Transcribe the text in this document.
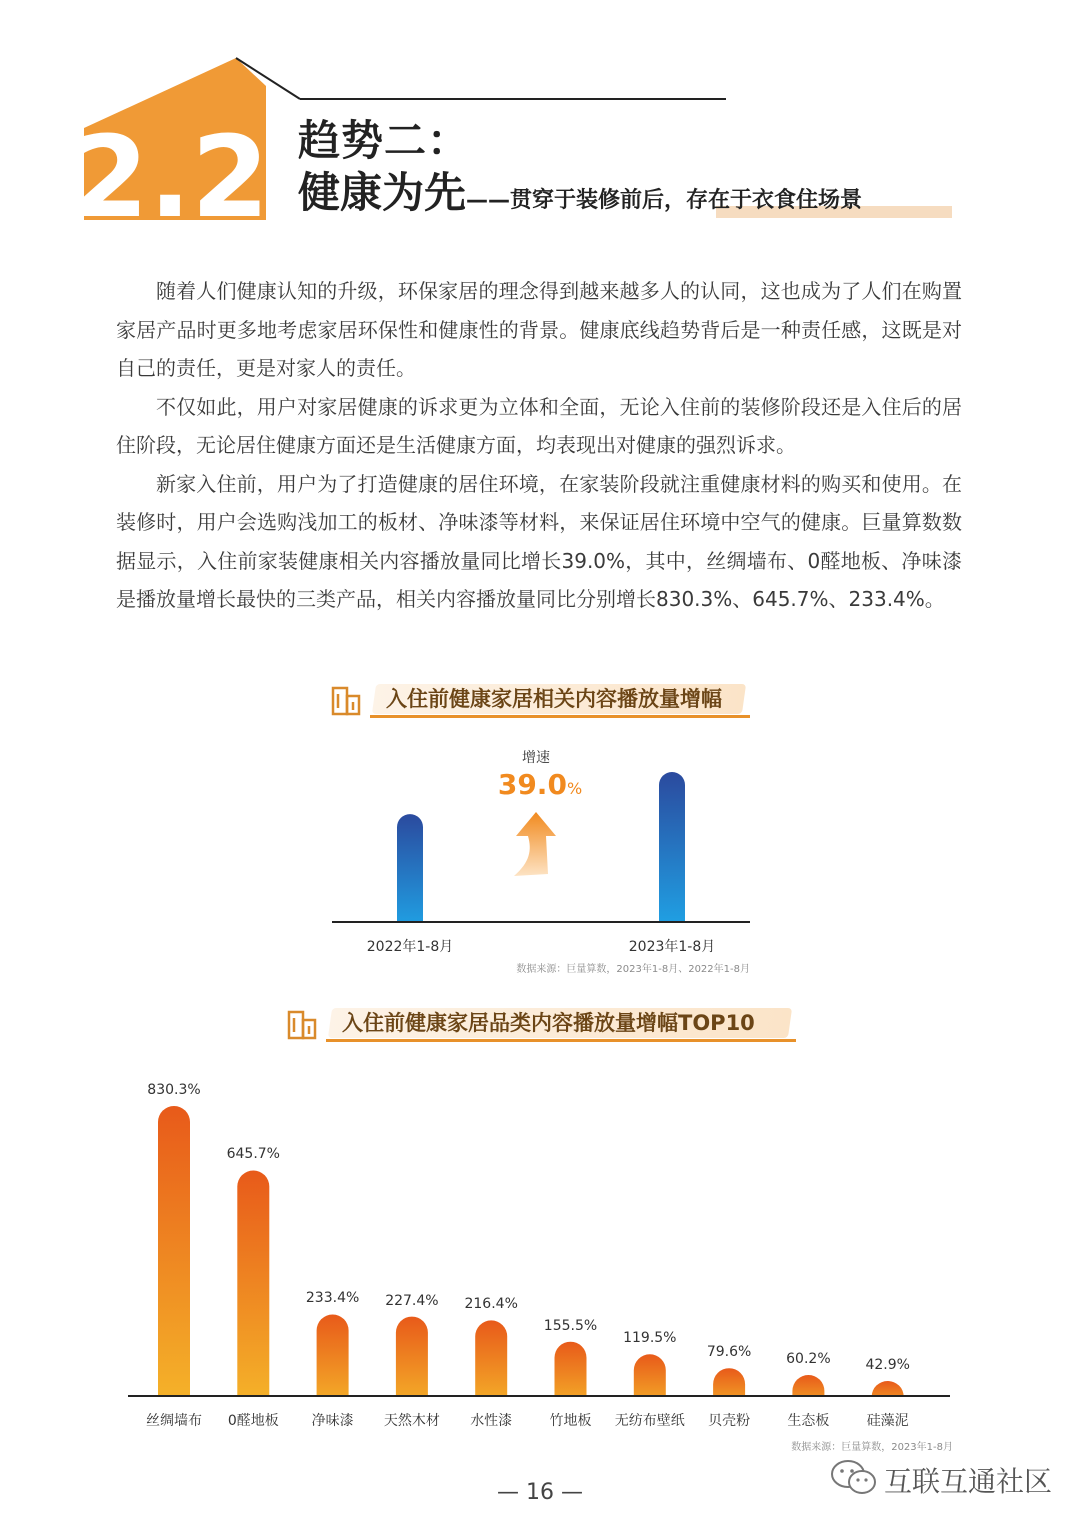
2.2 趋势二：
健康为先——贯穿于装修前后，存在于衣食住场景

随着人们健康认知的升级，环保家居的理念得到越来越多人的认同，这也成为了人们在购置家居产品时更多地考虑家居环保性和健康性的背景。健康底线趋势背后是一种责任感，这既是对自己的责任，更是对家人的责任。

不仅如此，用户对家居健康的诉求更为立体和全面，无论入住前的装修阶段还是入住后的居住阶段，无论居住健康方面还是生活健康方面，均表现出对健康的强烈诉求。

新家入住前，用户为了打造健康的居住环境，在家装阶段就注重健康材料的购买和使用。在装修时，用户会选购浅加工的板材、净味漆等材料，来保证居住环境中空气的健康。巨量算数数据显示，入住前家装健康相关内容播放量同比增长39.0%，其中，丝绸墙布、0醛地板、净味漆是播放量增长最快的三类产品，相关内容播放量同比分别增长830.3%、645.7%、233.4%。

入住前健康家居相关内容播放量增幅
增速
39.0%
2022年1-8月	2023年1-8月
数据来源：巨量算数，2023年1-8月、2022年1-8月
入住前健康家居品类内容播放量增幅TOP10
830.3%
丝绸墙布
645.7%
0醛地板
233.4%
净味漆
227.4%
天然木材
216.4%
水性漆
155.5%
竹地板
119.5%
无纺布壁纸
79.6%
贝壳粉
60.2%
生态板
42.9%
硅藻泥
数据来源：巨量算数，2023年1-8月
— 16 —	互联互通社区
